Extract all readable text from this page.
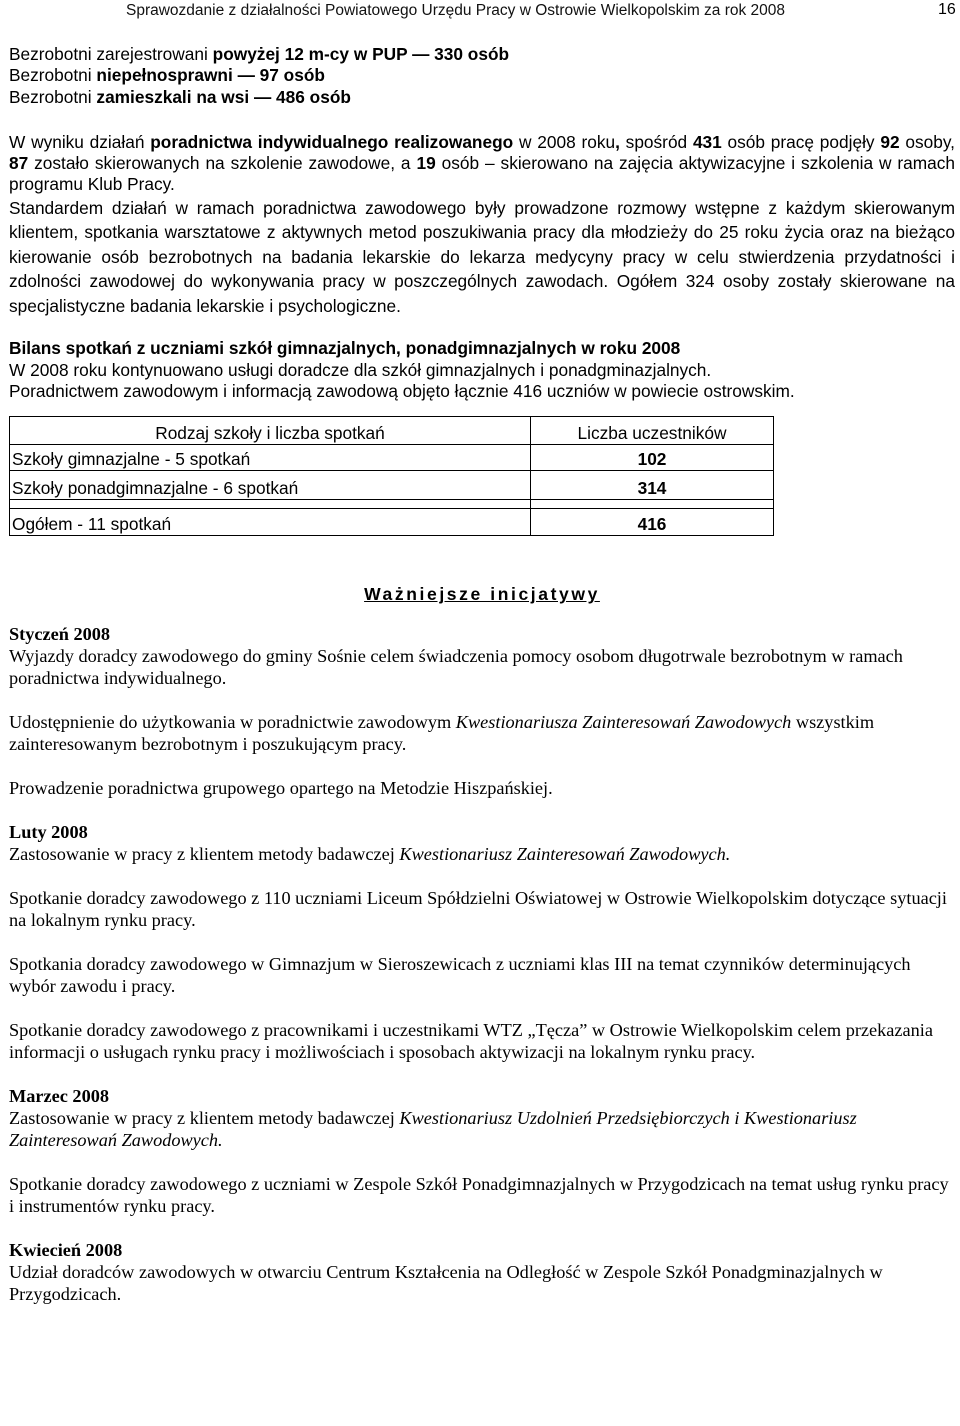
Sprawozdanie z działalności Powiatowego Urzędu Pracy w Ostrowie Wielkopolskim za rok 2008	16

Bezrobotni zarejestrowani powyżej 12 m-cy w PUP — 330 osób

Bezrobotni niepełnosprawni — 97 osób

Bezrobotni zamieszkali na wsi — 486 osób

W wyniku działań poradnictwa indywidualnego realizowanego w 2008 roku, spośród 431 osób pracę podjęły 92 osoby, 87 zostało skierowanych na szkolenie zawodowe, a 19 osób – skierowano na zajęcia aktywizacyjne i szkolenia w ramach programu Klub Pracy.

Standardem działań w ramach poradnictwa zawodowego były prowadzone rozmowy wstępne z każdym skierowanym klientem, spotkania warsztatowe z aktywnych metod poszukiwania pracy dla młodzieży do 25 roku życia oraz na bieżąco kierowanie osób bezrobotnych na badania lekarskie do lekarza medycyny pracy w celu stwierdzenia przydatności i zdolności zawodowej do wykonywania pracy w poszczególnych zawodach. Ogółem 324 osoby zostały skierowane na specjalistyczne badania lekarskie i psychologiczne.

Bilans spotkań z uczniami szkół gimnazjalnych, ponadgimnazjalnych w roku 2008

W 2008 roku kontynuowano usługi doradcze dla szkół gimnazjalnych i ponadgminazjalnych.

Poradnictwem zawodowym i informacją zawodową objęto łącznie 416 uczniów w powiecie ostrowskim.

Rodzaj szkoły i liczba spotkań	Liczba uczestników
Szkoły gimnazjalne - 5 spotkań	102
Szkoły ponadgimnazjalne - 6 spotkań	314

Ogółem - 11 spotkań	416

Ważniejsze inicjatywy

Styczeń 2008

Wyjazdy doradcy zawodowego do gminy Sośnie celem świadczenia pomocy osobom długotrwale bezrobotnym w ramach poradnictwa indywidualnego.

Udostępnienie do użytkowania w poradnictwie zawodowym Kwestionariusza Zainteresowań Zawodowych wszystkim zainteresowanym bezrobotnym i poszukującym pracy.

Prowadzenie poradnictwa grupowego opartego na Metodzie Hiszpańskiej.

Luty 2008

Zastosowanie w pracy z klientem metody badawczej Kwestionariusz Zainteresowań Zawodowych.

Spotkanie doradcy zawodowego z 110 uczniami Liceum Spółdzielni Oświatowej w Ostrowie Wielkopolskim dotyczące sytuacji na lokalnym rynku pracy.

Spotkania doradcy zawodowego w Gimnazjum w Sieroszewicach z uczniami klas III na temat czynników determinujących wybór zawodu i pracy.

Spotkanie doradcy zawodowego z pracownikami i uczestnikami WTZ „Tęcza” w Ostrowie Wielkopolskim celem przekazania informacji o usługach rynku pracy i możliwościach i sposobach aktywizacji na lokalnym rynku pracy.

Marzec 2008

Zastosowanie w pracy z klientem metody badawczej Kwestionariusz Uzdolnień Przedsiębiorczych i Kwestionariusz Zainteresowań Zawodowych.

Spotkanie doradcy zawodowego z uczniami w Zespole Szkół Ponadgimnazjalnych w Przygodzicach na temat usług rynku pracy i instrumentów rynku pracy.

Kwiecień 2008

Udział doradców zawodowych w otwarciu Centrum Kształcenia na Odległość w Zespole Szkół Ponadgminazjalnych w Przygodzicach.
